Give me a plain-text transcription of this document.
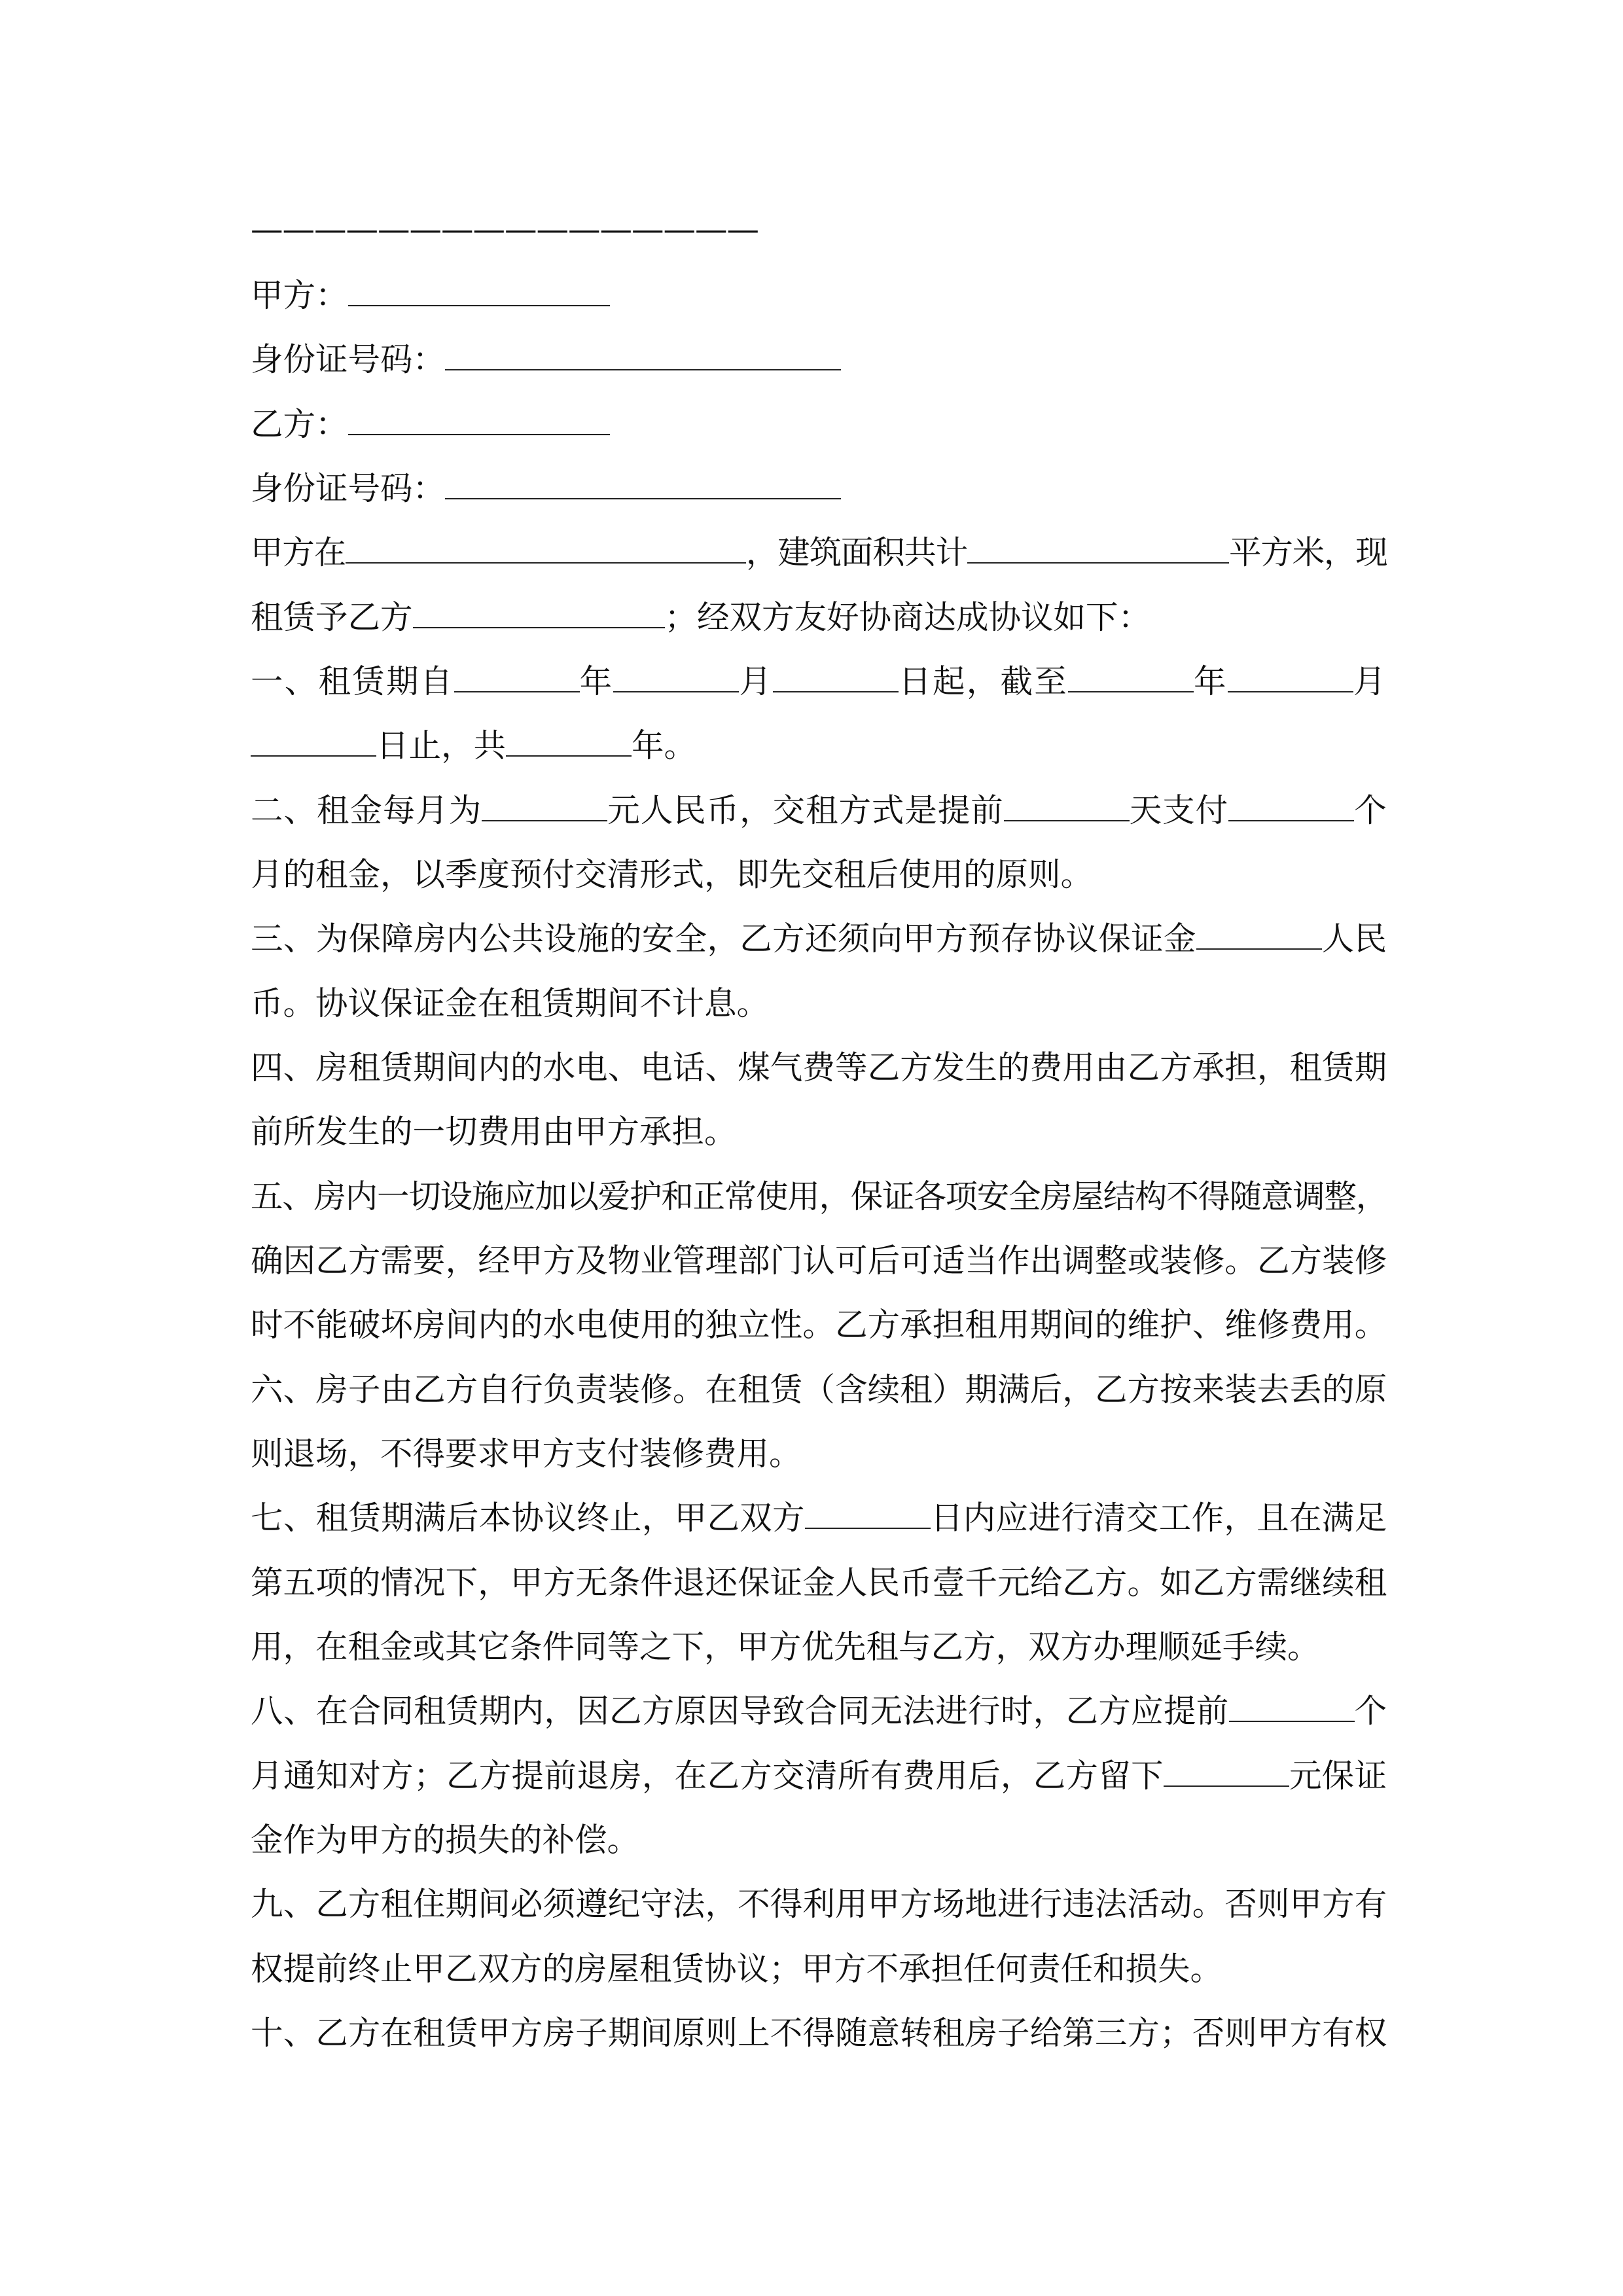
————————————————
甲方：
身份证号码：
乙方：
身份证号码：
甲方在	，建筑面积共计	平方米，现
租赁予乙方	；经双方友好协商达成协议如下：
一、租赁期自	年	月	日起，截至	年	月
日止，共	年。
二、租金每月为	元人民币，交租方式是提前	天支付	个
月的租金，以季度预付交清形式，即先交租后使用的原则。
三、为保障房内公共设施的安全，乙方还须向甲方预存协议保证金	人民
币。协议保证金在租赁期间不计息。
四、房租赁期间内的水电、电话、煤气费等乙方发生的费用由乙方承担，租赁期
前所发生的一切费用由甲方承担。
五、房内一切设施应加以爱护和正常使用，保证各项安全房屋结构不得随意调整，
确因乙方需要，经甲方及物业管理部门认可后可适当作出调整或装修。乙方装修
时不能破坏房间内的水电使用的独立性。乙方承担租用期间的维护、维修费用。
六、房子由乙方自行负责装修。在租赁（含续租）期满后，乙方按来装去丢的原
则退场，不得要求甲方支付装修费用。
七、租赁期满后本协议终止，甲乙双方	日内应进行清交工作，且在满足
第五项的情况下，甲方无条件退还保证金人民币壹千元给乙方。如乙方需继续租
用，在租金或其它条件同等之下，甲方优先租与乙方，双方办理顺延手续。
八、在合同租赁期内，因乙方原因导致合同无法进行时，乙方应提前	个
月通知对方；乙方提前退房，在乙方交清所有费用后，乙方留下	元保证
金作为甲方的损失的补偿。
九、乙方租住期间必须遵纪守法，不得利用甲方场地进行违法活动。否则甲方有
权提前终止甲乙双方的房屋租赁协议；甲方不承担任何责任和损失。
十、乙方在租赁甲方房子期间原则上不得随意转租房子给第三方；否则甲方有权
